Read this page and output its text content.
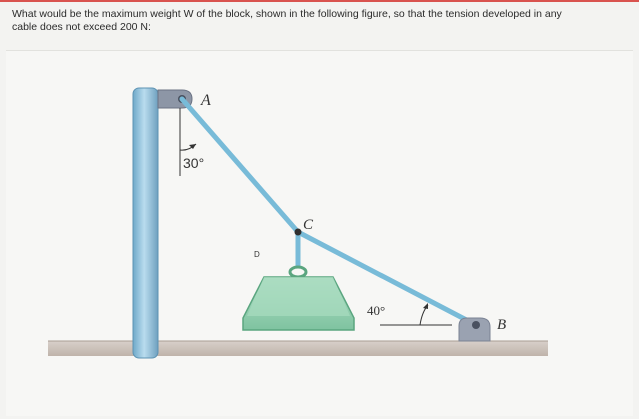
What would be the maximum weight W of the block, shown in the following figure, so that the tension developed in any
cable does not exceed 200 N:
A
30°
C
D
40°
B
